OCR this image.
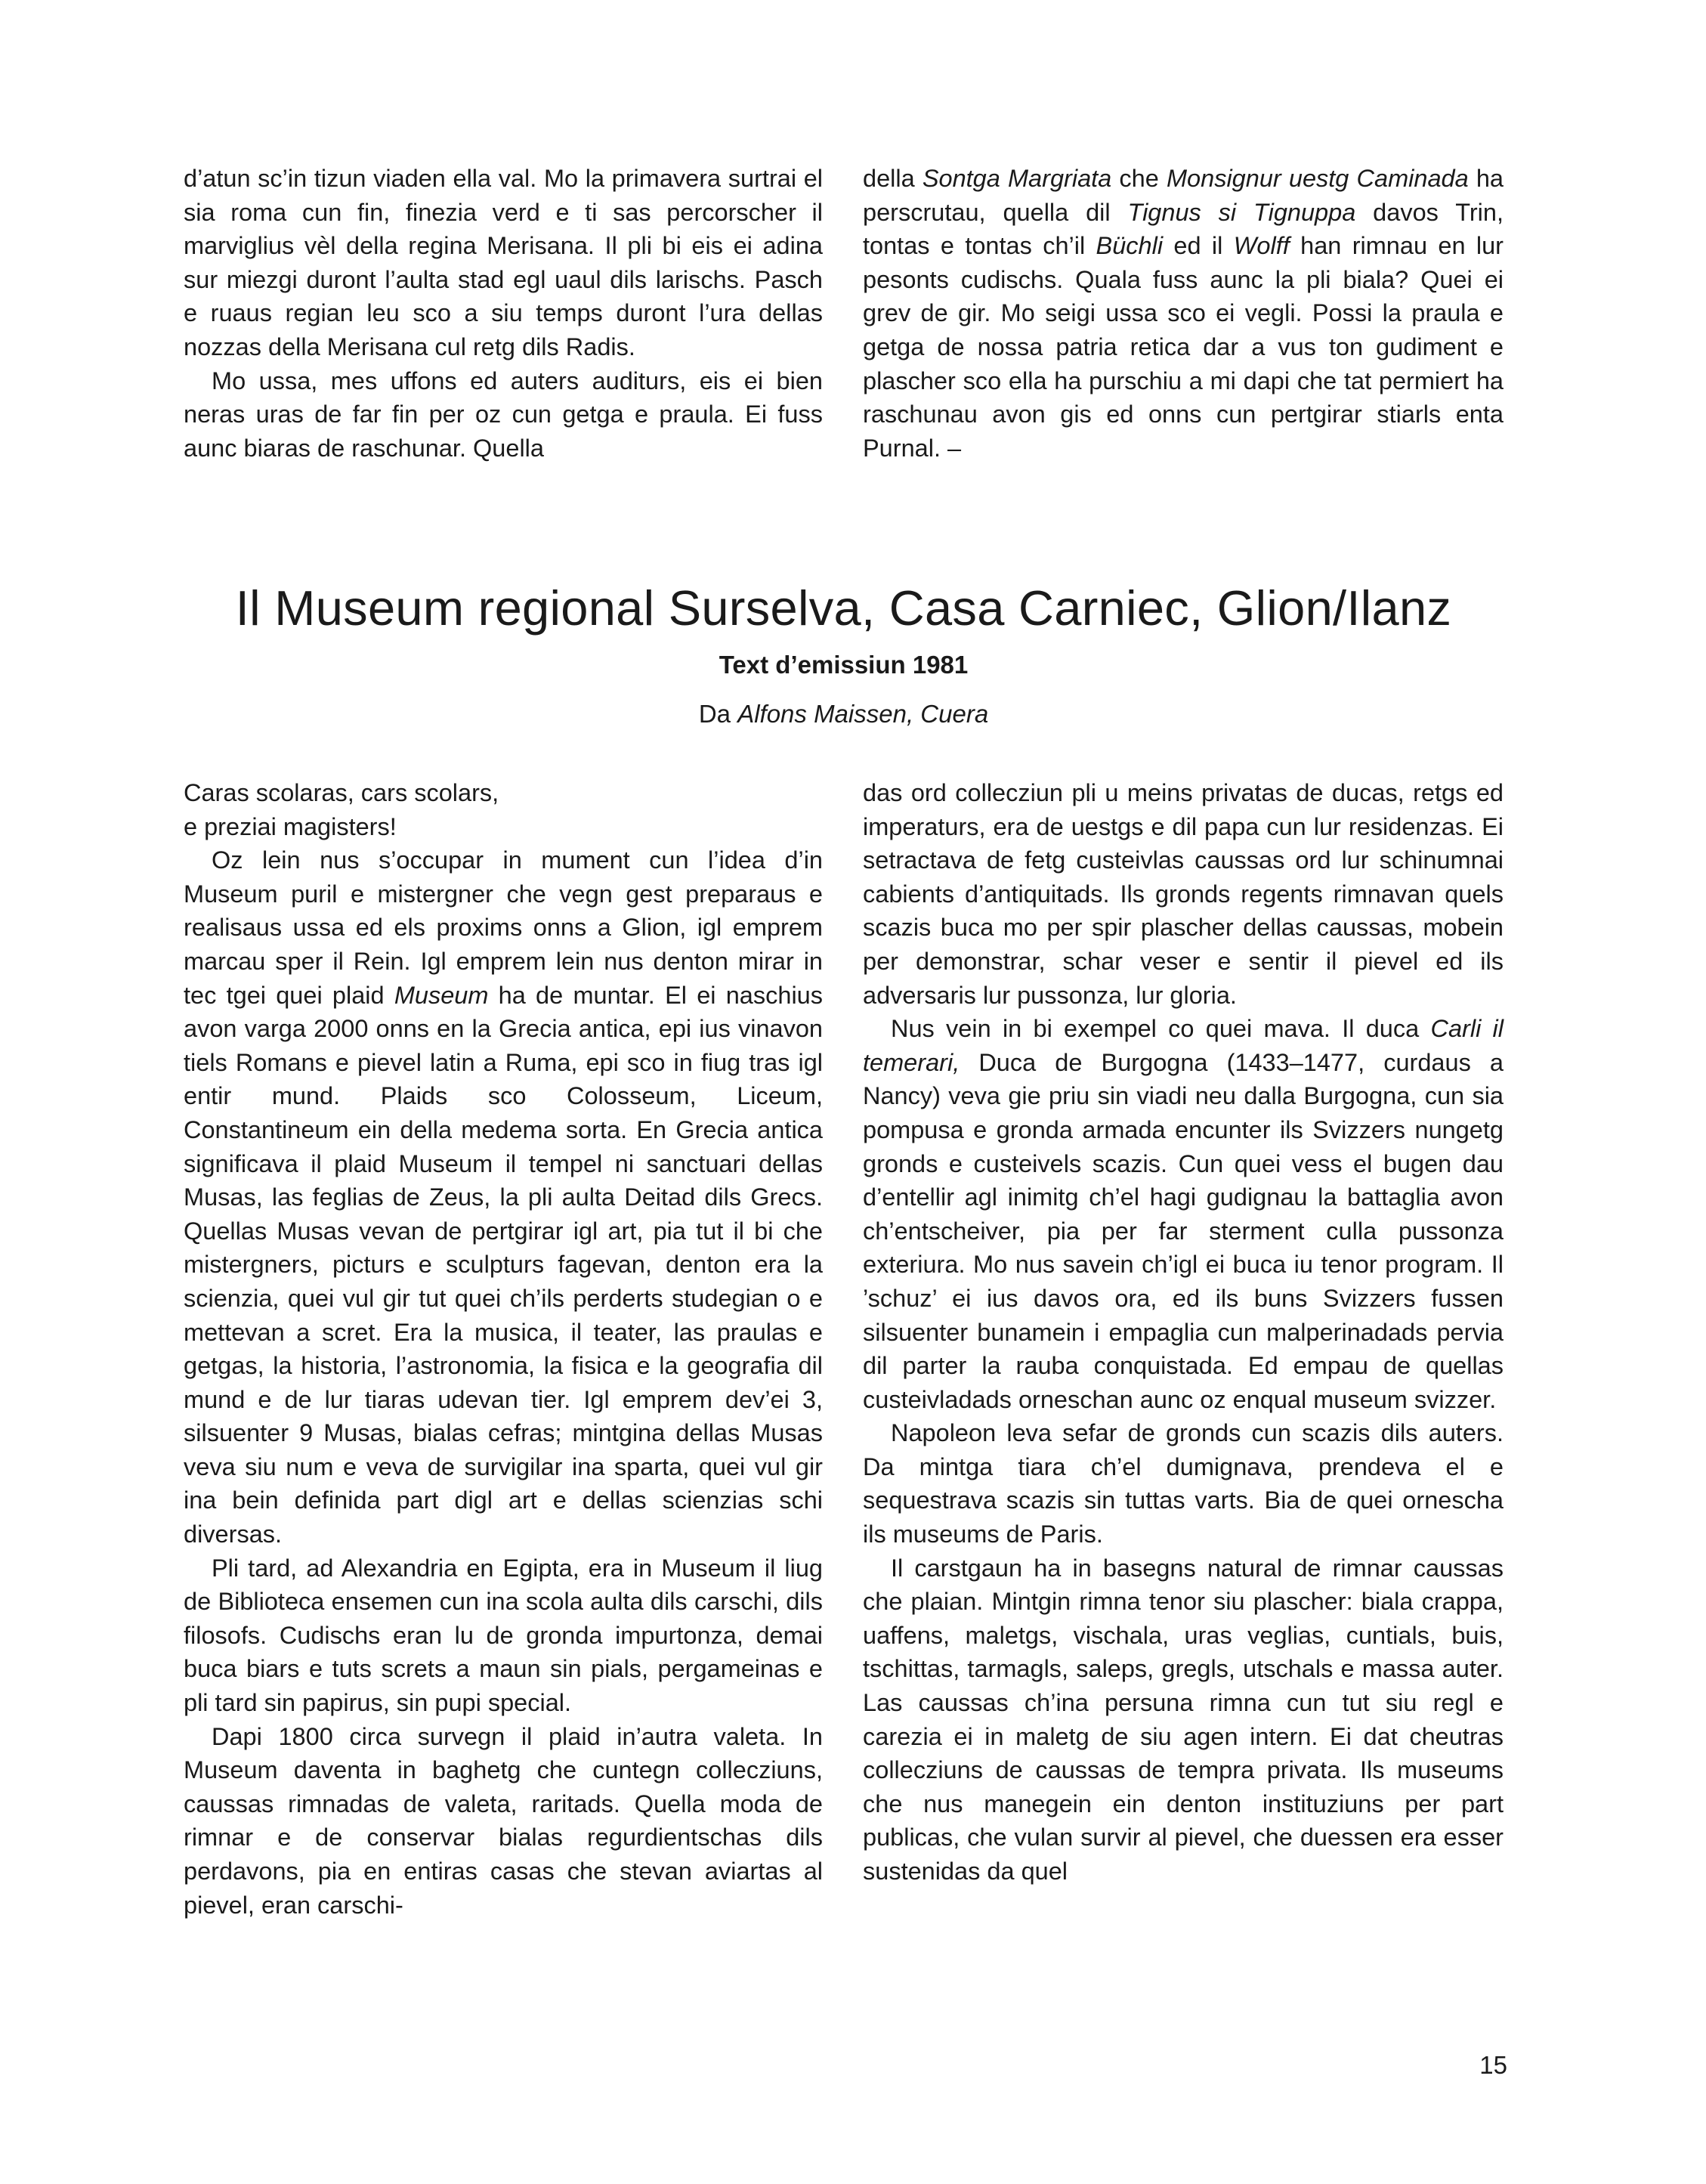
d’atun sc’in tizun viaden ella val. Mo la primavera surtrai el sia roma cun fin, finezia verd e ti sas percorscher il marviglius vèl della regina Merisana. Il pli bi eis ei adina sur miezgi duront l’aulta stad egl uaul dils larischs. Pasch e ruaus regian leu sco a siu temps duront l’ura dellas nozzas della Merisana cul retg dils Radis.

Mo ussa, mes uffons ed auters auditurs, eis ei bien neras uras de far fin per oz cun getga e praula. Ei fuss aunc biaras de raschunar. Quella

della Sontga Margriata che Monsignur uestg Caminada ha perscrutau, quella dil Tignus si Tignuppa davos Trin, tontas e tontas ch’il Büchli ed il Wolff han rimnau en lur pesonts cudischs. Quala fuss aunc la pli biala? Quei ei grev de gir. Mo seigi ussa sco ei vegli. Possi la praula e getga de nossa patria retica dar a vus ton gudiment e plascher sco ella ha purschiu a mi dapi che tat permiert ha raschunau avon gis ed onns cun pertgirar stiarls enta Purnal. –

Il Museum regional Surselva, Casa Carniec, Glion/Ilanz
Text d’emissiun 1981
Da Alfons Maissen, Cuera

Caras scolaras, cars scolars,

e preziai magisters!

Oz lein nus s’occupar in mument cun l’idea d’in Museum puril e mistergner che vegn gest preparaus e realisaus ussa ed els proxims onns a Glion, igl emprem marcau sper il Rein. Igl emprem lein nus denton mirar in tec tgei quei plaid Museum ha de muntar. El ei naschius avon varga 2000 onns en la Grecia antica, epi ius vinavon tiels Romans e pievel latin a Ruma, epi sco in fiug tras igl entir mund. Plaids sco Colosseum, Liceum, Constantineum ein della medema sorta. En Grecia antica significava il plaid Museum il tempel ni sanctuari dellas Musas, las feglias de Zeus, la pli aulta Deitad dils Grecs. Quellas Musas vevan de pertgirar igl art, pia tut il bi che mistergners, picturs e sculpturs fagevan, denton era la scienzia, quei vul gir tut quei ch’ils perderts studegian o e mettevan a scret. Era la musica, il teater, las praulas e getgas, la historia, l’astronomia, la fisica e la geografia dil mund e de lur tiaras udevan tier. Igl emprem dev’ei 3, silsuenter 9 Musas, bialas cefras; mintgina dellas Musas veva siu num e veva de survigilar ina sparta, quei vul gir ina bein definida part digl art e dellas scienzias schi diversas.

Pli tard, ad Alexandria en Egipta, era in Museum il liug de Biblioteca ensemen cun ina scola aulta dils carschi, dils filosofs. Cudischs eran lu de gronda impurtonza, demai buca biars e tuts screts a maun sin pials, pergameinas e pli tard sin papirus, sin pupi special.

Dapi 1800 circa survegn il plaid in’autra valeta. In Museum daventa in baghetg che cuntegn collecziuns, caussas rimnadas de valeta, raritads. Quella moda de rimnar e de conservar bialas regurdientschas dils perdavons, pia en entiras casas che stevan aviartas al pievel, eran carschi-

das ord collecziun pli u meins privatas de ducas, retgs ed imperaturs, era de uestgs e dil papa cun lur residenzas. Ei setractava de fetg custeivlas caussas ord lur schinumnai cabients d’antiquitads. Ils gronds regents rimnavan quels scazis buca mo per spir plascher dellas caussas, mobein per demonstrar, schar veser e sentir il pievel ed ils adversaris lur pussonza, lur gloria.

Nus vein in bi exempel co quei mava. Il duca Carli il temerari, Duca de Burgogna (1433–1477, curdaus a Nancy) veva gie priu sin viadi neu dalla Burgogna, cun sia pompusa e gronda armada encunter ils Svizzers nungetg gronds e custeivels scazis. Cun quei vess el bugen dau d’entellir agl inimitg ch’el hagi gudignau la battaglia avon ch’entscheiver, pia per far sterment culla pussonza exteriura. Mo nus savein ch’igl ei buca iu tenor program. Il ’schuz’ ei ius davos ora, ed ils buns Svizzers fussen silsuenter bunamein i empaglia cun malperinadads pervia dil parter la rauba conquistada. Ed empau de quellas custeivladads orneschan aunc oz enqual museum svizzer.

Napoleon leva sefar de gronds cun scazis dils auters. Da mintga tiara ch’el dumignava, prendeva el e sequestrava scazis sin tuttas varts. Bia de quei ornescha ils museums de Paris.

Il carstgaun ha in basegns natural de rimnar caussas che plaian. Mintgin rimna tenor siu plascher: biala crappa, uaffens, maletgs, vischala, uras veglias, cuntials, buis, tschittas, tarmagls, saleps, gregls, utschals e massa auter. Las caussas ch’ina persuna rimna cun tut siu regl e carezia ei in maletg de siu agen intern. Ei dat cheutras collecziuns de caussas de tempra privata. Ils museums che nus manegein ein denton instituziuns per part publicas, che vulan survir al pievel, che duessen era esser sustenidas da quel

15
